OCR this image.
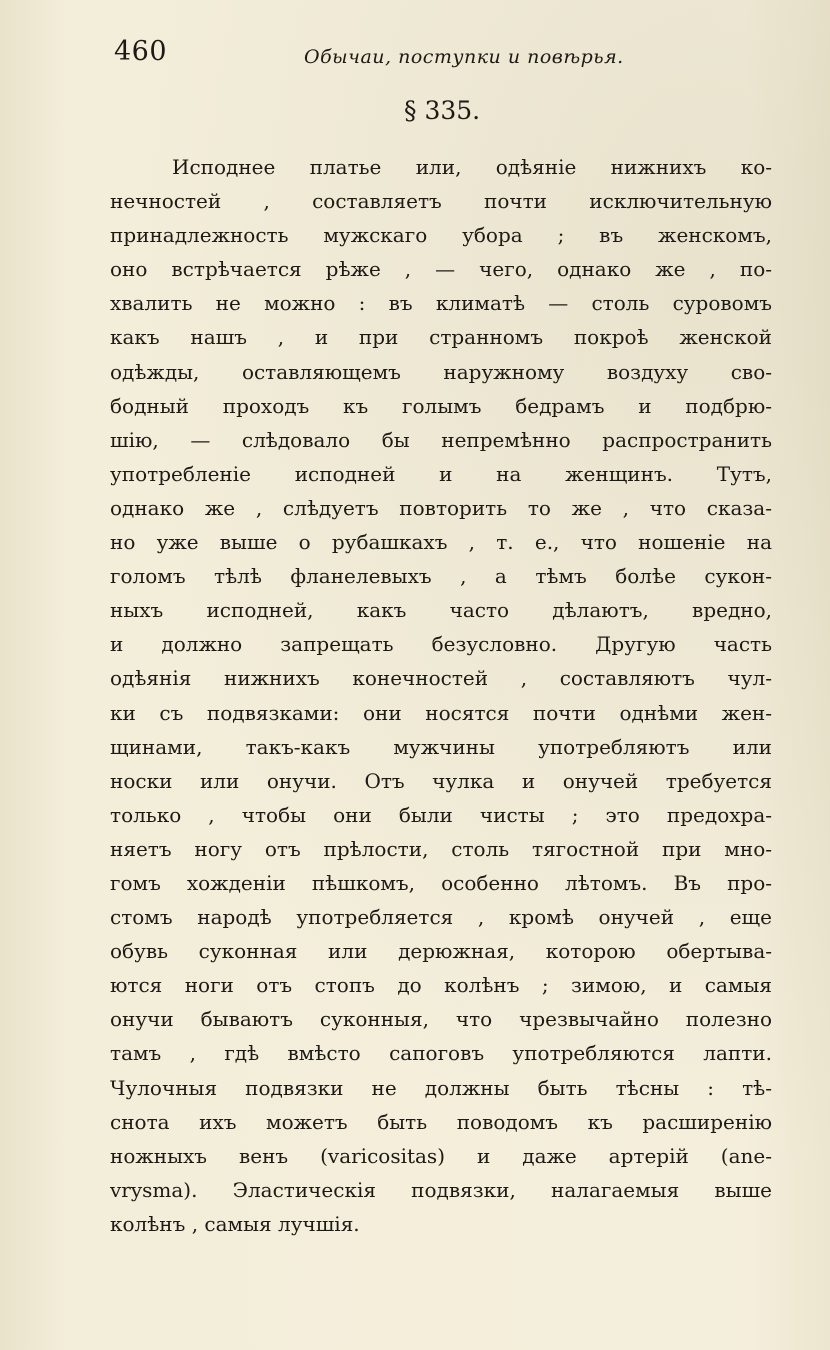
460	Обычаи, поступки и повѣрья.
§ 335.
Исподнее платье или, одѣяніе нижнихъ ко-
нечностей , составляетъ почти исключительную
принадлежность мужскаго убора ; въ женскомъ,
оно встрѣчается рѣже , — чего, однако же , по-
хвалить не можно : въ климатѣ — столь суровомъ
какъ нашъ , и при странномъ покроѣ женской
одѣжды, оставляющемъ наружному воздуху сво-
бодный проходъ къ голымъ бедрамъ и подбрю-
шію, — слѣдовало бы непремѣнно распространить
употребленіе исподней и на женщинъ. Тутъ,
однако же , слѣдуетъ повторить то же , что сказа-
но уже выше о рубашкахъ , т. е., что ношеніе на
голомъ тѣлѣ фланелевыхъ , а тѣмъ болѣе сукон-
ныхъ исподней, какъ часто дѣлаютъ, вредно,
и должно запрещать безусловно. Другую часть
одѣянія нижнихъ конечностей , составляютъ чул-
ки съ подвязками: они носятся почти однѣми жен-
щинами, такъ-какъ мужчины употребляютъ или
носки или онучи. Отъ чулка и онучей требуется
только , чтобы они были чисты ; это предохра-
няетъ ногу отъ прѣлости, столь тягостной при мно-
гомъ хожденіи пѣшкомъ, особенно лѣтомъ. Въ про-
стомъ народѣ употребляется , кромѣ онучей , еще
обувь суконная или дерюжная, которою обертыва-
ются ноги отъ стопъ до колѣнъ ; зимою, и самыя
онучи бываютъ суконныя, что чрезвычайно полезно
тамъ , гдѣ вмѣсто сапоговъ употребляются лапти.
Чулочныя подвязки не должны быть тѣсны : тѣ-
снота ихъ можетъ быть поводомъ къ расширенію
ножныхъ венъ (varicositas) и даже артерій (ane-
vrysma). Эластическія подвязки, налагаемыя выше
колѣнъ , самыя лучшія.
